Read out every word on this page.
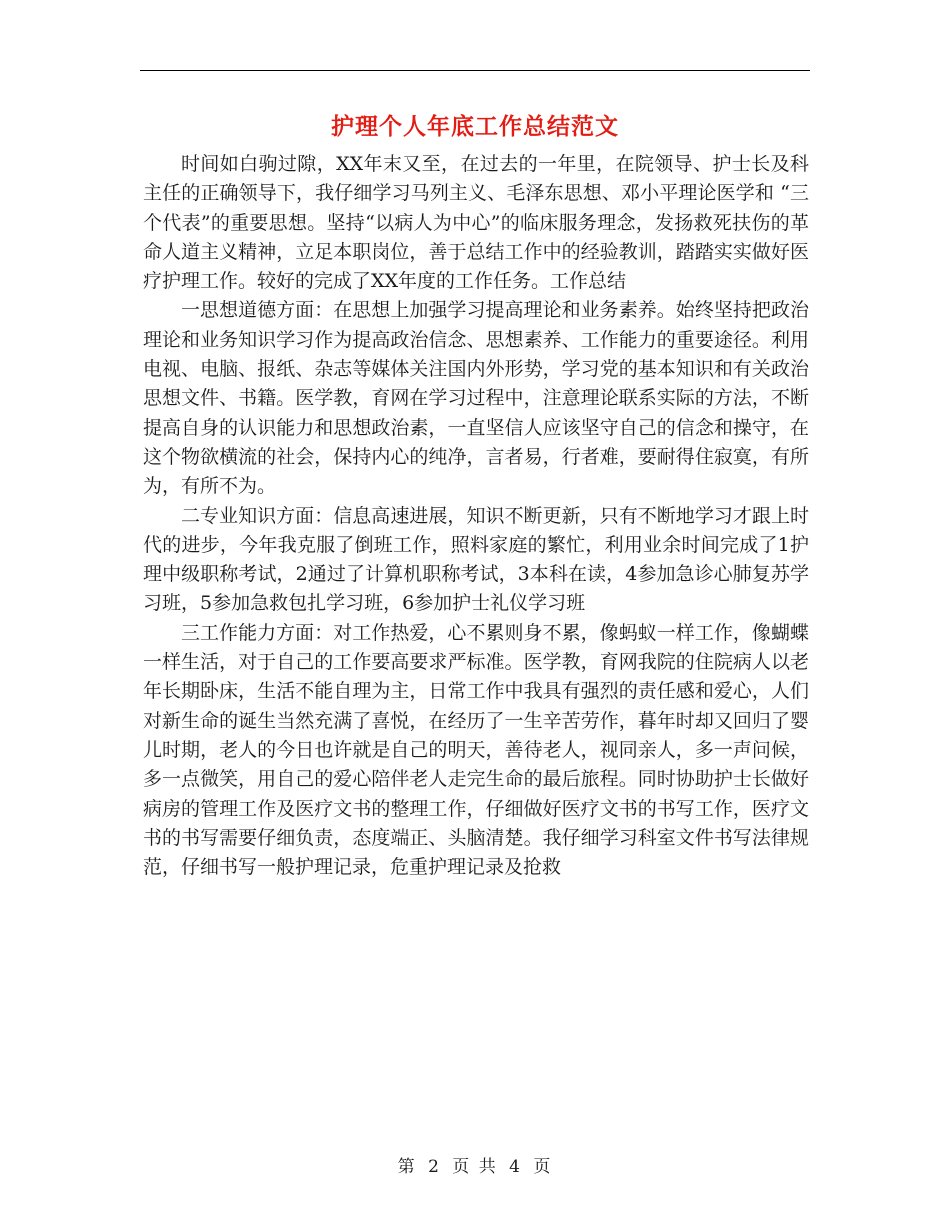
护理个人年底工作总结范文

时间如白驹过隙，XX年末又至，在过去的一年里，在院领导、护士长及科主任的正确领导下，我仔细学习马列主义、毛泽东思想、邓小平理论医学和 “三个代表”的重要思想。坚持“以病人为中心”的临床服务理念，发扬救死扶伤的革命人道主义精神，立足本职岗位，善于总结工作中的经验教训，踏踏实实做好医疗护理工作。较好的完成了XX年度的工作任务。工作总结

一思想道德方面：在思想上加强学习提高理论和业务素养。始终坚持把政治理论和业务知识学习作为提高政治信念、思想素养、工作能力的重要途径。利用电视、电脑、报纸、杂志等媒体关注国内外形势，学习党的基本知识和有关政治思想文件、书籍。医学教，育网在学习过程中，注意理论联系实际的方法，不断提高自身的认识能力和思想政治素，一直坚信人应该坚守自己的信念和操守，在这个物欲横流的社会，保持内心的纯净，言者易，行者难，要耐得住寂寞，有所为，有所不为。

二专业知识方面：信息高速进展，知识不断更新，只有不断地学习才跟上时代的进步，今年我克服了倒班工作，照料家庭的繁忙，利用业余时间完成了1护理中级职称考试，2通过了计算机职称考试，3本科在读，4参加急诊心肺复苏学习班，5参加急救包扎学习班，6参加护士礼仪学习班

三工作能力方面：对工作热爱，心不累则身不累，像蚂蚁一样工作，像蝴蝶一样生活，对于自己的工作要高要求严标准。医学教，育网我院的住院病人以老年长期卧床，生活不能自理为主，日常工作中我具有强烈的责任感和爱心，人们对新生命的诞生当然充满了喜悦，在经历了一生辛苦劳作，暮年时却又回归了婴儿时期，老人的今日也许就是自己的明天，善待老人，视同亲人，多一声问候，多一点微笑，用自己的爱心陪伴老人走完生命的最后旅程。同时协助护士长做好病房的管理工作及医疗文书的整理工作，仔细做好医疗文书的书写工作，医疗文书的书写需要仔细负责，态度端正、头脑清楚。我仔细学习科室文件书写法律规范，仔细书写一般护理记录，危重护理记录及抢救

第 2 页 共 4 页
